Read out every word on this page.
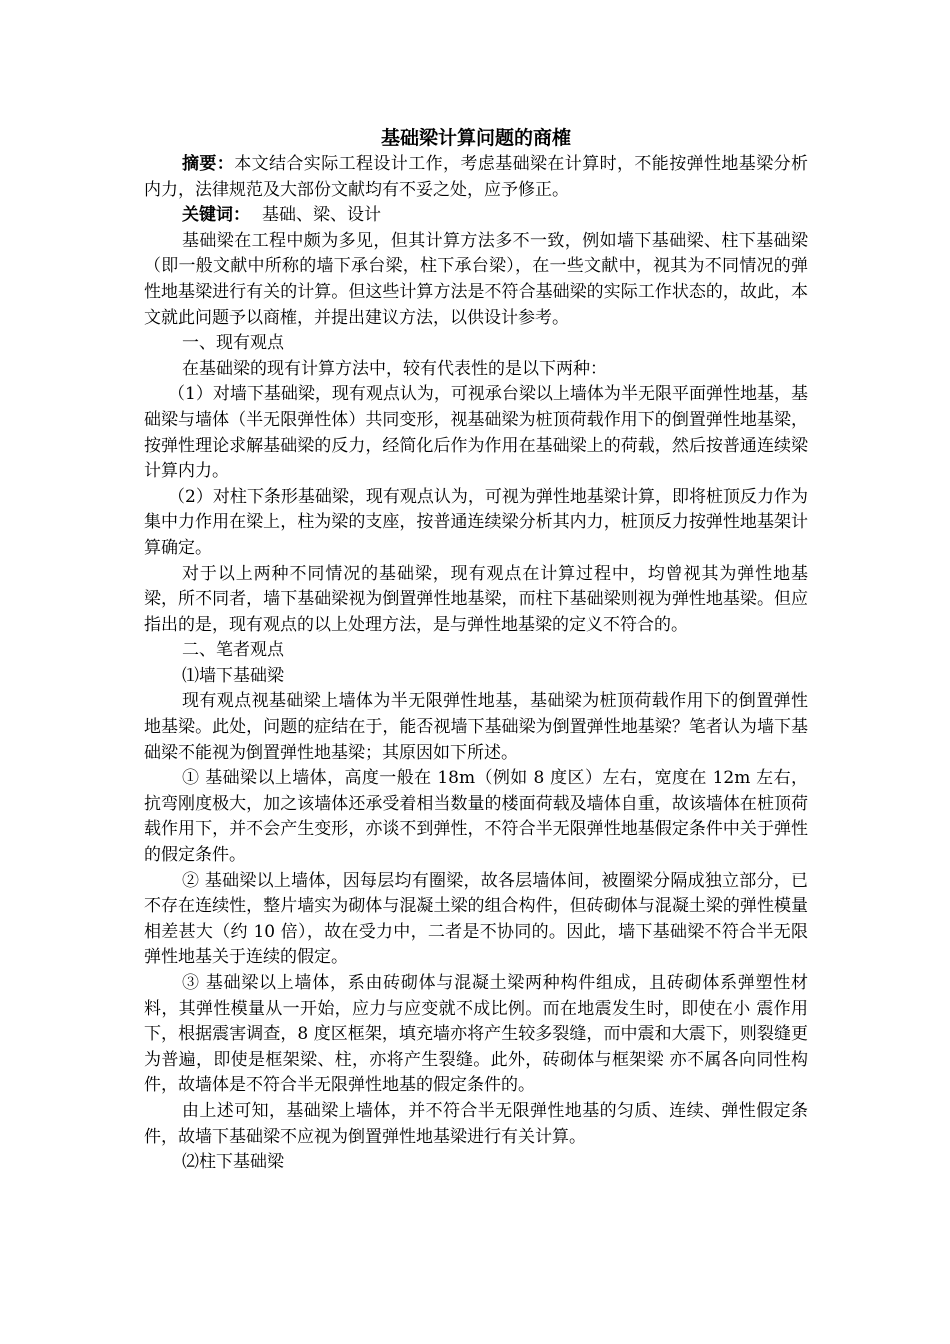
基础梁计算问题的商榷

摘要：本文结合实际工程设计工作，考虑基础梁在计算时，不能按弹性地基梁分析内力，法律规范及大部份文献均有不妥之处，应予修正。

关键词： 基础、梁、设计

基础梁在工程中颇为多见，但其计算方法多不一致，例如墙下基础梁、柱下基础梁（即一般文献中所称的墙下承台梁，柱下承台梁），在一些文献中，视其为不同情况的弹性地基梁进行有关的计算。但这些计算方法是不符合基础梁的实际工作状态的，故此，本文就此问题予以商榷，并提出建议方法，以供设计参考。

一、现有观点

在基础梁的现有计算方法中，较有代表性的是以下两种：

（1）对墙下基础梁，现有观点认为，可视承台梁以上墙体为半无限平面弹性地基，基础梁与墙体（半无限弹性体）共同变形，视基础梁为桩顶荷载作用下的倒置弹性地基梁，按弹性理论求解基础梁的反力，经简化后作为作用在基础梁上的荷载，然后按普通连续梁计算内力。

（2）对柱下条形基础梁，现有观点认为，可视为弹性地基梁计算，即将桩顶反力作为集中力作用在梁上，柱为梁的支座，按普通连续梁分析其内力，桩顶反力按弹性地基架计算确定。

对于以上两种不同情况的基础梁，现有观点在计算过程中，均曾视其为弹性地基梁，所不同者，墙下基础梁视为倒置弹性地基梁，而柱下基础梁则视为弹性地基梁。但应指出的是，现有观点的以上处理方法，是与弹性地基梁的定义不符合的。

二、笔者观点

⑴墙下基础梁

现有观点视基础梁上墙体为半无限弹性地基，基础梁为桩顶荷载作用下的倒置弹性地基梁。此处，问题的症结在于，能否视墙下基础梁为倒置弹性地基梁？笔者认为墙下基础梁不能视为倒置弹性地基梁；其原因如下所述。

① 基础梁以上墙体，高度一般在 18m（例如 8 度区）左右，宽度在 12m 左右，抗弯刚度极大，加之该墙体还承受着相当数量的楼面荷载及墙体自重，故该墙体在桩顶荷载作用下，并不会产生变形，亦谈不到弹性，不符合半无限弹性地基假定条件中关于弹性的假定条件。

② 基础梁以上墙体，因每层均有圈梁，故各层墙体间，被圈梁分隔成独立部分，已不存在连续性，整片墙实为砌体与混凝土梁的组合构件，但砖砌体与混凝土梁的弹性模量相差甚大（约 10 倍），故在受力中，二者是不协同的。因此，墙下基础梁不符合半无限弹性地基关于连续的假定。

③ 基础梁以上墙体，系由砖砌体与混凝土梁两种构件组成，且砖砌体系弹塑性材料，其弹性模量从一开始，应力与应变就不成比例。而在地震发生时，即使在小 震作用下，根据震害调查，8 度区框架，填充墙亦将产生较多裂缝，而中震和大震下，则裂缝更为普遍，即使是框架梁、柱，亦将产生裂缝。此外，砖砌体与框架梁 亦不属各向同性构件，故墙体是不符合半无限弹性地基的假定条件的。

由上述可知，基础梁上墙体，并不符合半无限弹性地基的匀质、连续、弹性假定条件，故墙下基础梁不应视为倒置弹性地基梁进行有关计算。

⑵柱下基础梁
